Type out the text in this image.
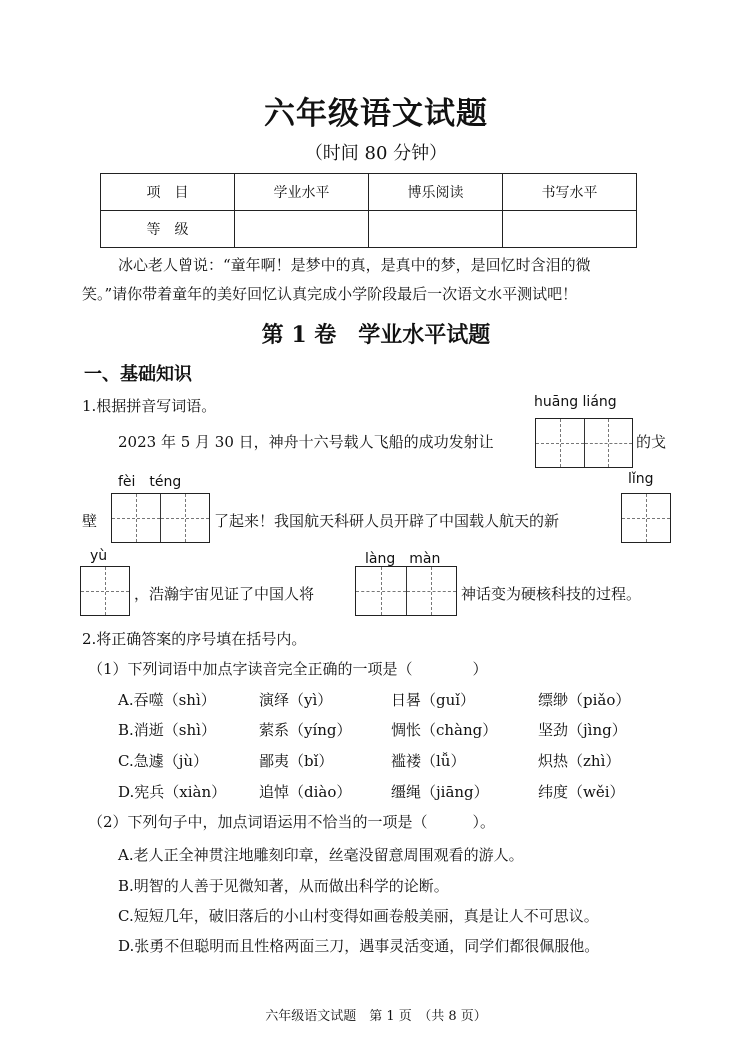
六年级语文试题
（时间 80 分钟）
项　目	学业水平	博乐阅读	书写水平
等　级			
冰心老人曾说：“童年啊！是梦中的真，是真中的梦，是回忆时含泪的微
笑。”请你带着童年的美好回忆认真完成小学阶段最后一次语文水平测试吧！
第 1 卷　学业水平试题
一、基础知识
1.根据拼音写词语。	huāng liáng
2023 年 5 月 30 日，神舟十六号载人飞船的成功发射让	的戈
fèi　téng	lǐng
壁	了起来！我国航天科研人员开辟了中国载人航天的新
yù	làng　màn
，浩瀚宇宙见证了中国人将	神话变为硬核科技的过程。
2.将正确答案的序号填在括号内。
（1）下列词语中加点字读音完全正确的一项是（　　　　）
A.吞噬（shì）	演绎（yì）	日晷（guǐ）	缥缈（piǎo）
B.消逝（shì）	萦系（yíng）	惆怅（chàng）	坚劲（jìng）
C.急遽（jù）	鄙夷（bǐ）	褴褛（lǚ）	炽热（zhì）
D.宪兵（xiàn） 追悼（diào）	缰绳（jiāng）	纬度（wěi）
（2）下列句子中，加点词语运用不恰当的一项是（　　　）。
A.老人正全神贯注地雕刻印章，丝毫没留意周围观看的游人。
B.明智的人善于见微知著，从而做出科学的论断。
C.短短几年，破旧落后的小山村变得如画卷般美丽，真是让人不可思议。
D.张勇不但聪明而且性格两面三刀，遇事灵活变通，同学们都很佩服他。
六年级语文试题　第 1 页　（共 8 页）
